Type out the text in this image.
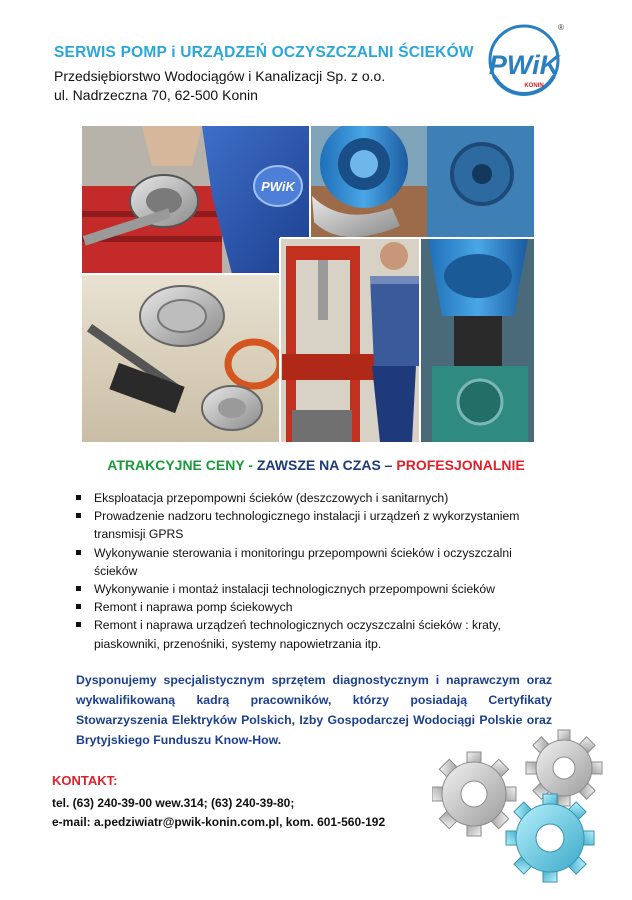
SERWIS POMP i URZĄDZEŃ OCZYSZCZALNI ŚCIEKÓW
Przedsiębiorstwo Wodociągów i Kanalizacji Sp. z o.o.
ul. Nadrzeczna 70, 62-500 Konin
PWiK
KONIN
®
PWiK
ATRAKCYJNE CENY - ZAWSZE NA CZAS – PROFESJONALNIE
Eksploatacja przepompowni ścieków (deszczowych i sanitarnych)
Prowadzenie nadzoru technologicznego instalacji i urządzeń z wykorzystaniem transmisji GPRS
Wykonywanie sterowania i monitoringu przepompowni ścieków i oczyszczalni ścieków
Wykonywanie i montaż instalacji technologicznych przepompowni ścieków
Remont i naprawa pomp ściekowych
Remont i naprawa urządzeń technologicznych oczyszczalni ścieków : kraty, piaskowniki, przenośniki, systemy napowietrzania itp.
Dysponujemy specjalistycznym sprzętem diagnostycznym i naprawczym oraz wykwalifikowaną kadrą pracowników, którzy posiadają Certyfikaty Stowarzyszenia Elektryków Polskich, Izby Gospodarczej Wodociągi Polskie oraz Brytyjskiego Funduszu Know-How.
KONTAKT:
tel. (63) 240-39-00 wew.314; (63) 240-39-80;
e-mail: a.pedziwiatr@pwik-konin.com.pl, kom. 601-560-192
